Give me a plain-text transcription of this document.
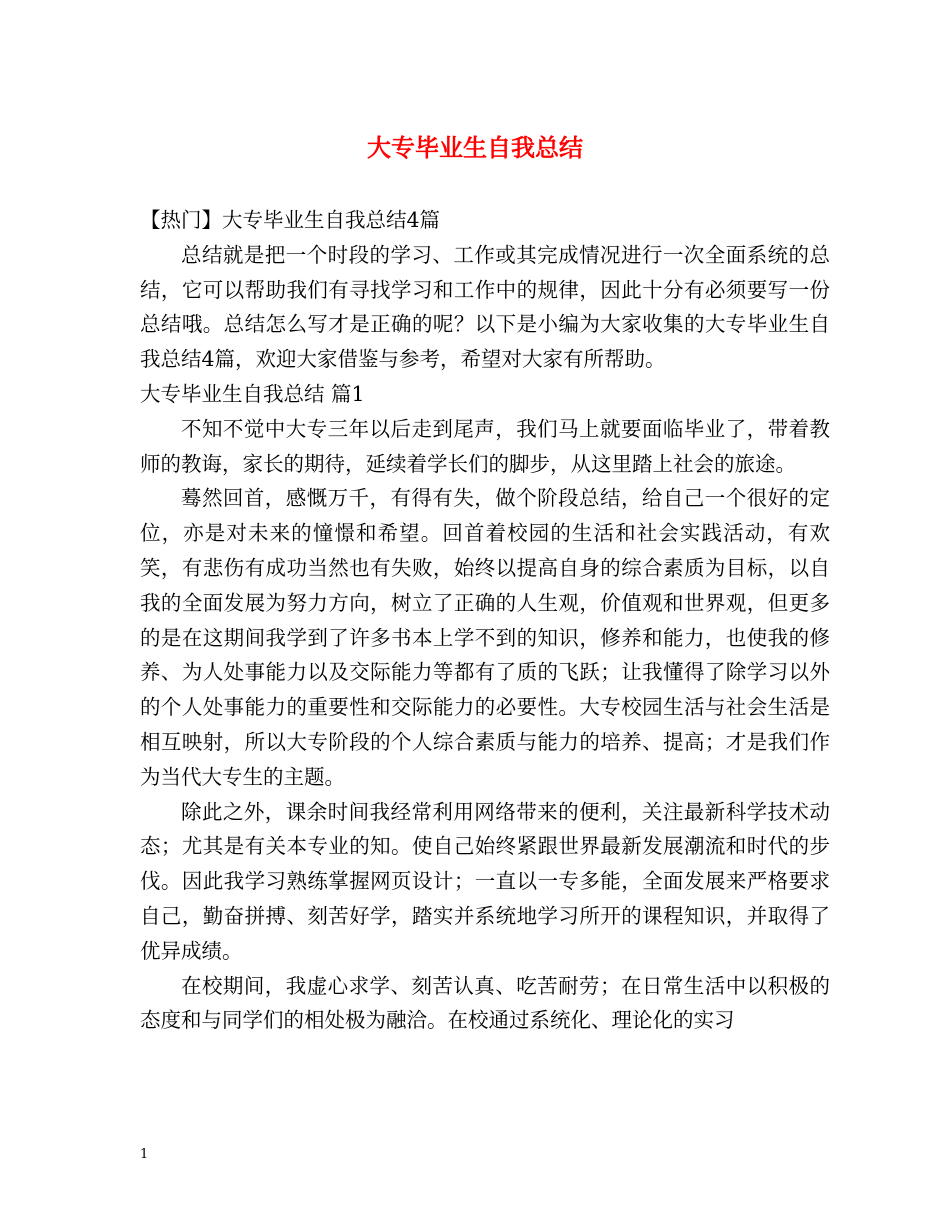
大专毕业生自我总结

【热门】大专毕业生自我总结4篇

总结就是把一个时段的学习、工作或其完成情况进行一次全面系统的总结，它可以帮助我们有寻找学习和工作中的规律，因此十分有必须要写一份总结哦。总结怎么写才是正确的呢？以下是小编为大家收集的大专毕业生自我总结4篇，欢迎大家借鉴与参考，希望对大家有所帮助。

大专毕业生自我总结 篇1

不知不觉中大专三年以后走到尾声，我们马上就要面临毕业了，带着教师的教诲，家长的期待，延续着学长们的脚步，从这里踏上社会的旅途。

蓦然回首，感慨万千，有得有失，做个阶段总结，给自己一个很好的定位，亦是对未来的憧憬和希望。回首着校园的生活和社会实践活动，有欢笑，有悲伤有成功当然也有失败，始终以提高自身的综合素质为目标，以自我的全面发展为努力方向，树立了正确的人生观，价值观和世界观，但更多的是在这期间我学到了许多书本上学不到的知识，修养和能力，也使我的修养、为人处事能力以及交际能力等都有了质的飞跃；让我懂得了除学习以外的个人处事能力的重要性和交际能力的必要性。大专校园生活与社会生活是相互映射，所以大专阶段的个人综合素质与能力的培养、提高；才是我们作为当代大专生的主题。

除此之外，课余时间我经常利用网络带来的便利，关注最新科学技术动态；尤其是有关本专业的知。使自己始终紧跟世界最新发展潮流和时代的步伐。因此我学习熟练掌握网页设计；一直以一专多能，全面发展来严格要求自己，勤奋拼搏、刻苦好学，踏实并系统地学习所开的课程知识，并取得了优异成绩。

在校期间，我虚心求学、刻苦认真、吃苦耐劳；在日常生活中以积极的态度和与同学们的相处极为融洽。在校通过系统化、理论化的实习

1
